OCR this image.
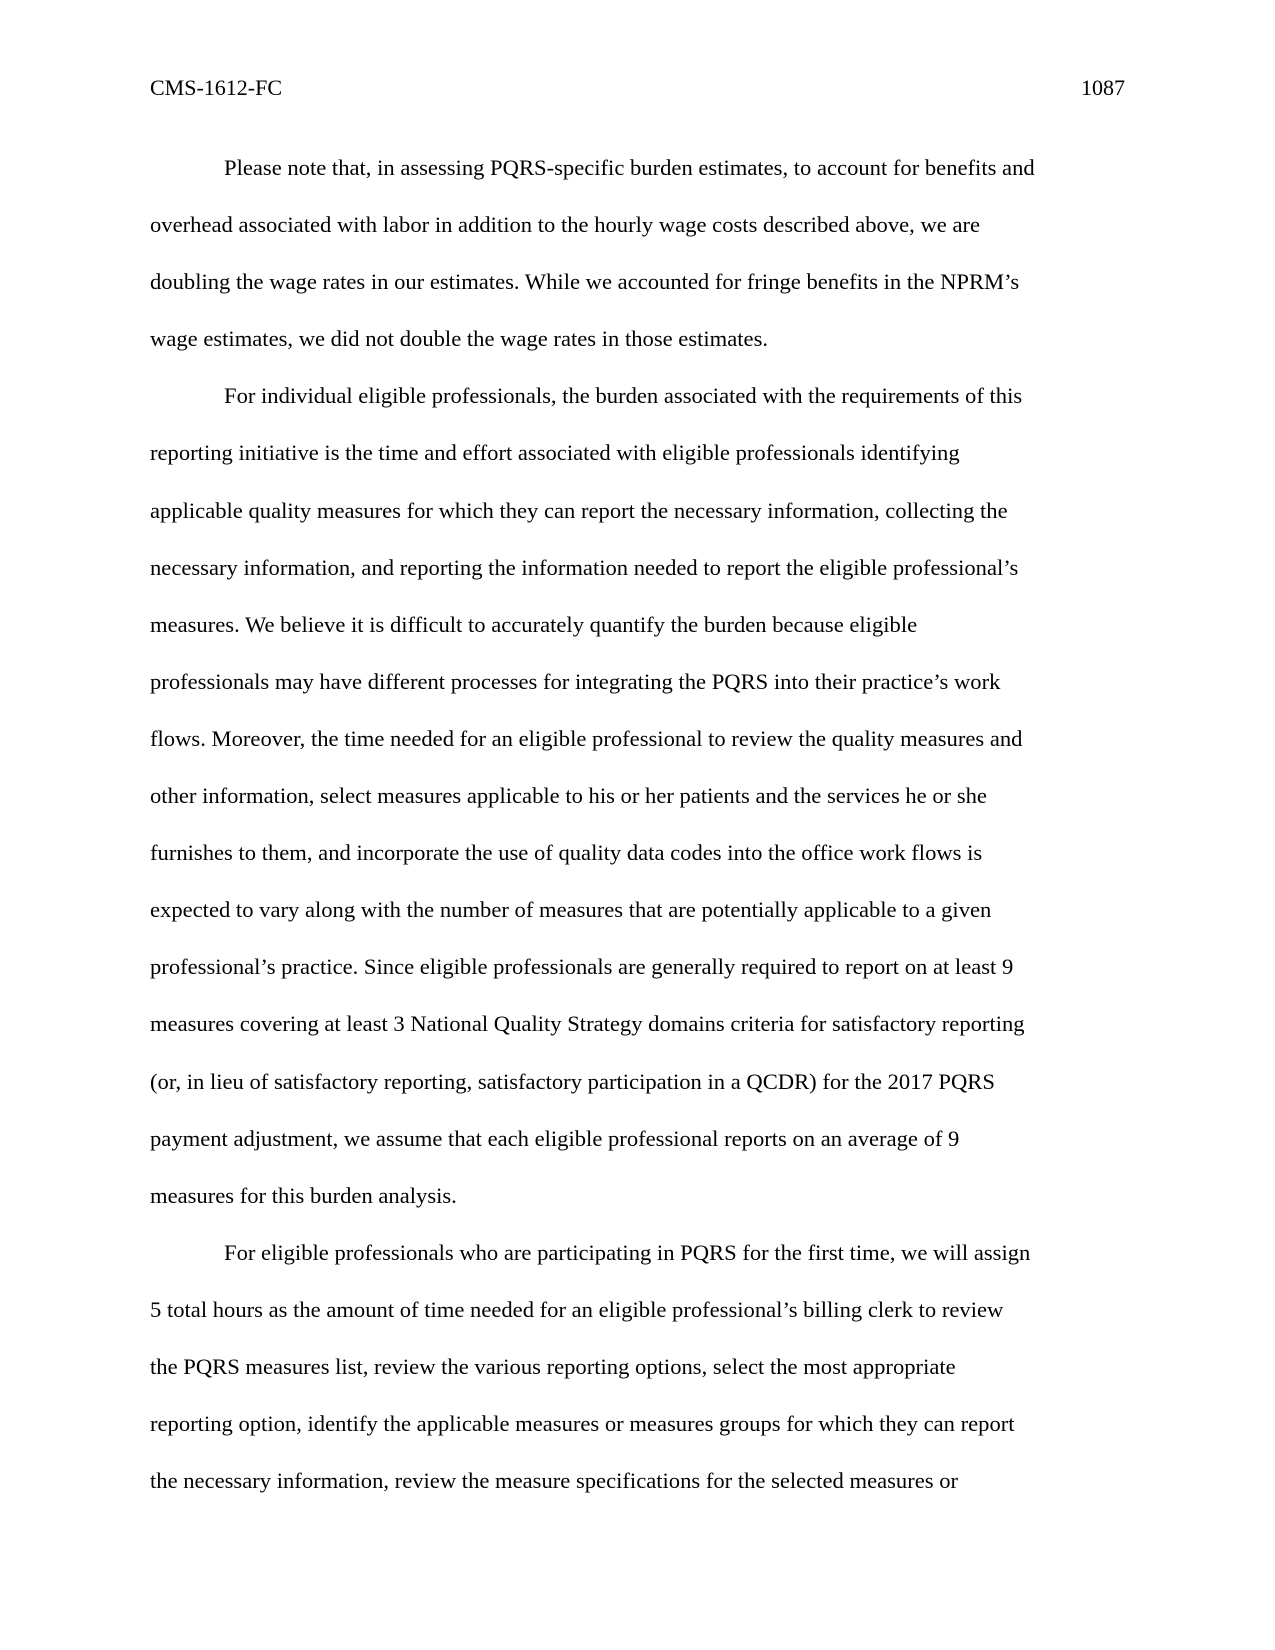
CMS-1612-FC	1087
Please note that, in assessing PQRS-specific burden estimates, to account for benefits and
overhead associated with labor in addition to the hourly wage costs described above, we are
doubling the wage rates in our estimates. While we accounted for fringe benefits in the NPRM’s
wage estimates, we did not double the wage rates in those estimates.
For individual eligible professionals, the burden associated with the requirements of this
reporting initiative is the time and effort associated with eligible professionals identifying
applicable quality measures for which they can report the necessary information, collecting the
necessary information, and reporting the information needed to report the eligible professional’s
measures. We believe it is difficult to accurately quantify the burden because eligible
professionals may have different processes for integrating the PQRS into their practice’s work
flows. Moreover, the time needed for an eligible professional to review the quality measures and
other information, select measures applicable to his or her patients and the services he or she
furnishes to them, and incorporate the use of quality data codes into the office work flows is
expected to vary along with the number of measures that are potentially applicable to a given
professional’s practice. Since eligible professionals are generally required to report on at least 9
measures covering at least 3 National Quality Strategy domains criteria for satisfactory reporting
(or, in lieu of satisfactory reporting, satisfactory participation in a QCDR) for the 2017 PQRS
payment adjustment, we assume that each eligible professional reports on an average of 9
measures for this burden analysis.
For eligible professionals who are participating in PQRS for the first time, we will assign
5 total hours as the amount of time needed for an eligible professional’s billing clerk to review
the PQRS measures list, review the various reporting options, select the most appropriate
reporting option, identify the applicable measures or measures groups for which they can report
the necessary information, review the measure specifications for the selected measures or
